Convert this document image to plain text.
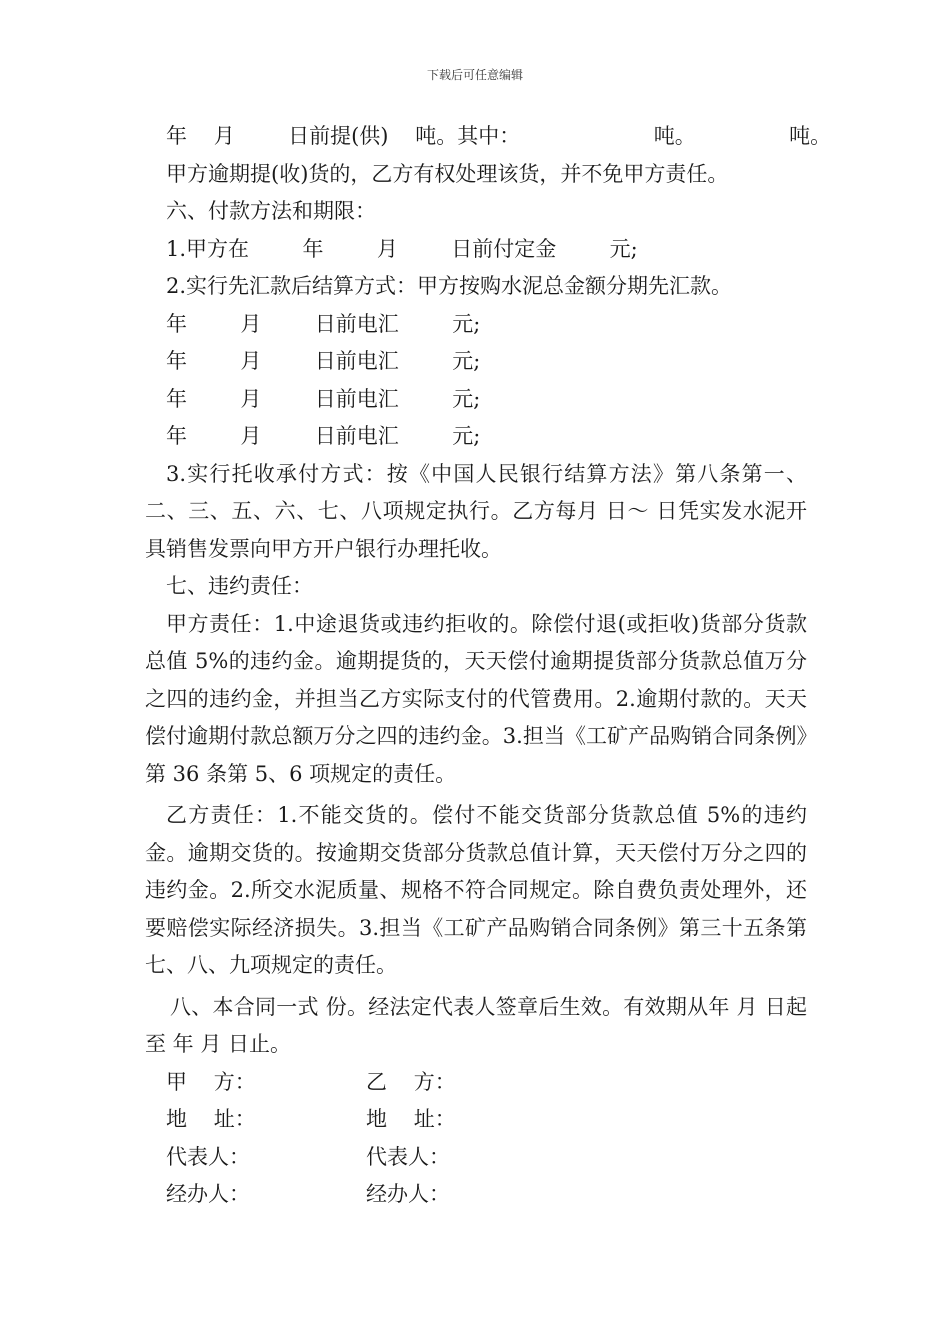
下载后可任意编辑
年    月        日前提(供)    吨。其中：                    吨。              吨。
甲方逾期提(收)货的，乙方有权处理该货，并不免甲方责任。
六、付款方法和期限：
1.甲方在        年        月        日前付定金        元;
2.实行先汇款后结算方式：甲方按购水泥总金额分期先汇款。
年        月        日前电汇        元;
年        月        日前电汇        元;
年        月        日前电汇        元;
年        月        日前电汇        元;
3.实行托收承付方式：按《中国人民银行结算方法》第八条第一、二、三、五、六、七、八项规定执行。乙方每月 日～ 日凭实发水泥开具销售发票向甲方开户银行办理托收。
七、违约责任：
甲方责任：1.中途退货或违约拒收的。除偿付退(或拒收)货部分货款总值 5%的违约金。逾期提货的，天天偿付逾期提货部分货款总值万分之四的违约金，并担当乙方实际支付的代管费用。2.逾期付款的。天天偿付逾期付款总额万分之四的违约金。3.担当《工矿产品购销合同条例》第 36 条第 5、6 项规定的责任。
乙方责任：1.不能交货的。偿付不能交货部分货款总值 5%的违约金。逾期交货的。按逾期交货部分货款总值计算，天天偿付万分之四的违约金。2.所交水泥质量、规格不符合同规定。除自费负责处理外，还要赔偿实际经济损失。3.担当《工矿产品购销合同条例》第三十五条第七、八、九项规定的责任。
八、本合同一式 份。经法定代表人签章后生效。有效期从年 月 日起至 年 月 日止。
甲    方：	乙    方：
地    址：	地    址：
代表人：	代表人：
经办人：	经办人：
